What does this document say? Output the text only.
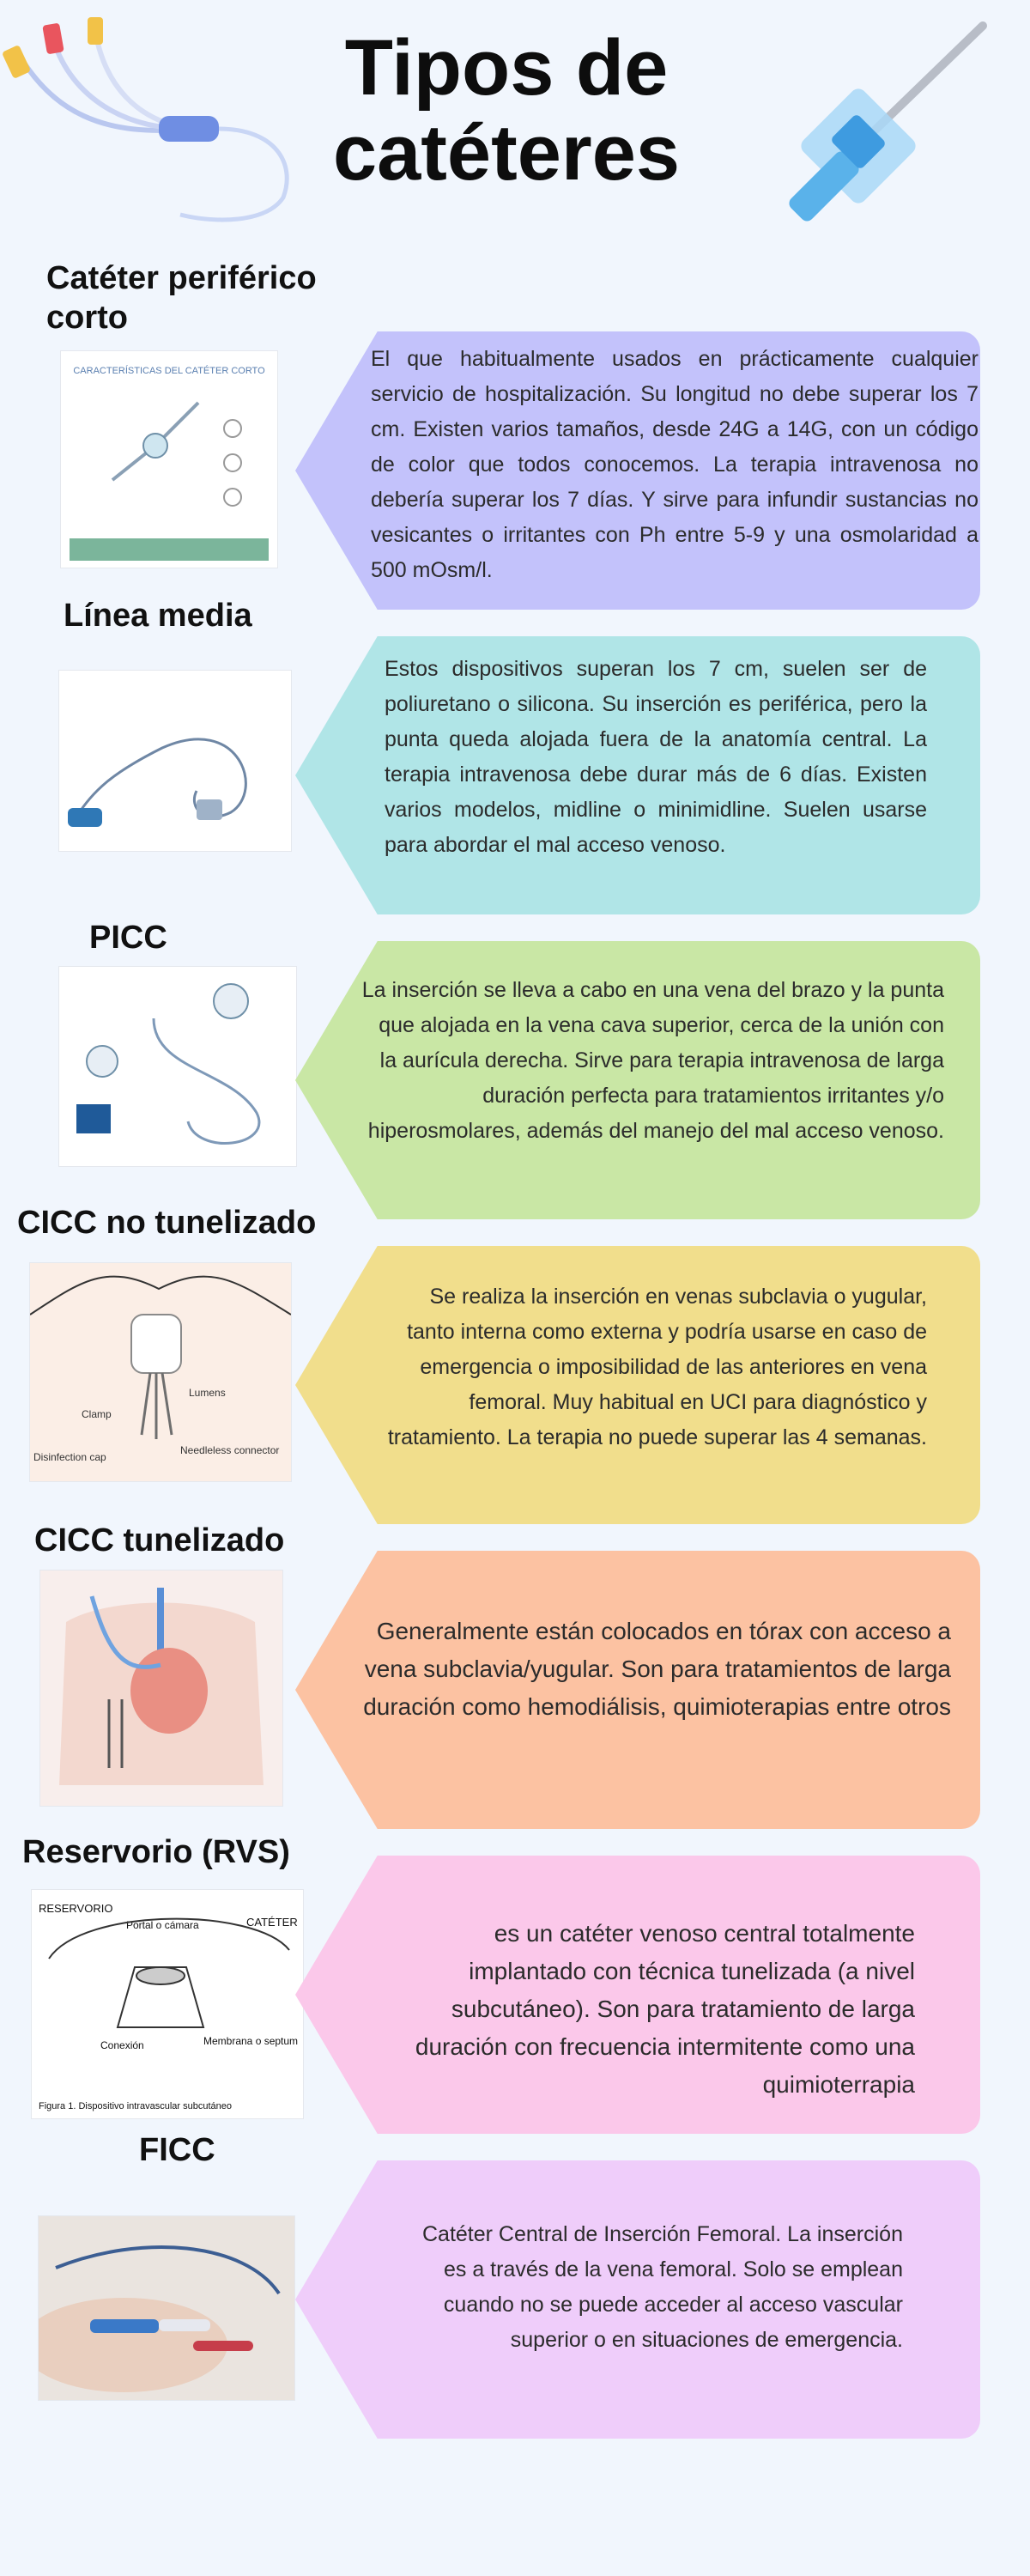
Tipos de
catéteres
Catéter periférico corto
CARACTERÍSTICAS DEL CATÉTER CORTO	El que habitualmente usados en prácticamente cualquier servicio de hospitalización. Su longitud no debe superar los 7 cm. Existen varios tamaños, desde 24G a 14G, con un código de color que todos conocemos. La terapia intravenosa no debería superar los 7 días. Y sirve para infundir sustancias no vesicantes o irritantes con Ph entre 5-9 y una osmolaridad a 500 mOsm/l.
Línea media
Estos dispositivos superan los 7 cm, suelen ser de poliuretano o silicona. Su inserción es periférica, pero la punta queda alojada fuera de la anatomía central. La terapia intravenosa debe durar más de 6 días. Existen varios modelos, midline o minimidline. Suelen usarse para abordar el mal acceso venoso.
PICC
La inserción se lleva a cabo en una vena del brazo y la punta que alojada en la vena cava superior, cerca de la unión con la aurícula derecha. Sirve para terapia intravenosa de larga duración perfecta para tratamientos irritantes y/o hiperosmolares, además del manejo del mal acceso venoso.
CICC no tunelizado
Lumens
Clamp
Disinfection cap
Needleless connector
Se realiza la inserción en venas subclavia o yugular, tanto interna como externa y podría usarse en caso de emergencia o imposibilidad de las anteriores en vena femoral. Muy habitual en UCI para diagnóstico y tratamiento. La terapia no puede superar las 4 semanas.
CICC tunelizado
Generalmente están colocados en tórax con acceso a vena subclavia/yugular. Son para tratamientos de larga duración como hemodiálisis, quimioterapias entre otros
Reservorio (RVS)
RESERVORIO
CATÉTER
Portal o cámara
Membrana o septum
Conexión
Figura 1. Dispositivo intravascular subcutáneo
es un catéter venoso central totalmente implantado con técnica tunelizada (a nivel subcutáneo). Son para tratamiento de larga duración con frecuencia intermitente como una quimioterrapia
FICC
Catéter Central de Inserción Femoral. La inserción es a través de la vena femoral. Solo se emplean cuando no se puede acceder al acceso vascular superior o en situaciones de emergencia.
